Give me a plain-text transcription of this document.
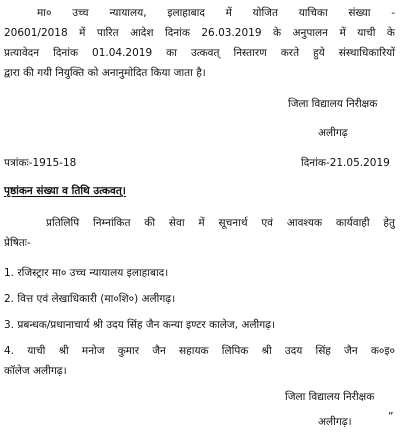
मा० उच्च न्यायालय, इलाहाबाद में योजित याचिका संख्या -
20601/2018 में पारित आदेश दिनांक 26.03.2019 के अनुपालन में याची के
प्रत्यावेदन दिनांक 01.04.2019 का उत्कवत् निस्तारण करते हुये संस्थाधिकारियों
द्वारा की गयी नियुक्ति को अनानुमोदित किया जाता है।
जिला विद्यालय निरीक्षक
अलीगढ़
पत्रांकः-1915-18	दिनांक-21.05.2019
पृष्ठांकन संख्या व तिथि उत्कवत्।
प्रतिलिपि निम्नांकित की सेवा में सूचनार्थ एवं आवश्यक कार्यवाही हेतु
प्रेषितः-
1. रजिस्ट्रार मा० उच्च न्यायालय इलाहाबाद।
2. वित्त एवं लेखाधिकारी (मा०शि०) अलीगढ़।
3. प्रबन्धक/प्रधानाचार्य श्री उदय सिंह जैन कन्या इण्टर कालेज, अलीगढ़।
4. याची श्री मनोज कुमार जैन सहायक लिपिक श्री उदय सिंह जैन क०इ०
कॉलेज अलीगढ़।
जिला विद्यालय निरीक्षक
अलीगढ़।	”
